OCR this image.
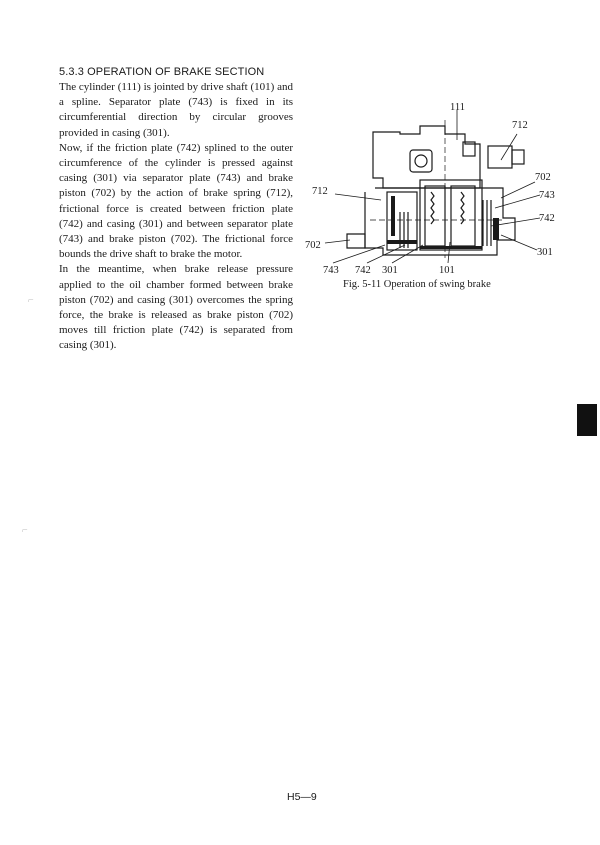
5.3.3 OPERATION OF BRAKE SECTION

The cylinder (111) is jointed by drive shaft (101) and a spline. Separator plate (743) is fixed in its circumferential direction by circular grooves provided in casing (301).

Now, if the friction plate (742) splined to the outer circumference of the cylinder is pressed against casing (301) via separator plate (743) and brake piston (702) by the action of brake spring (712), frictional force is created between friction plate (742) and casing (301) and between separator plate (743) and brake piston (702). The frictional force bounds the drive shaft to brake the motor.

In the meantime, when brake release pressure applied to the oil chamber formed between brake piston (702) and casing (301) overcomes the spring force, the brake is released as brake piston (702) moves till friction plate (742) is separated from casing (301).

111
712
702
743
742
301
712
702
743 742 301	101
Fig. 5-11 Operation of swing brake
⌐
⌐
H5—9
